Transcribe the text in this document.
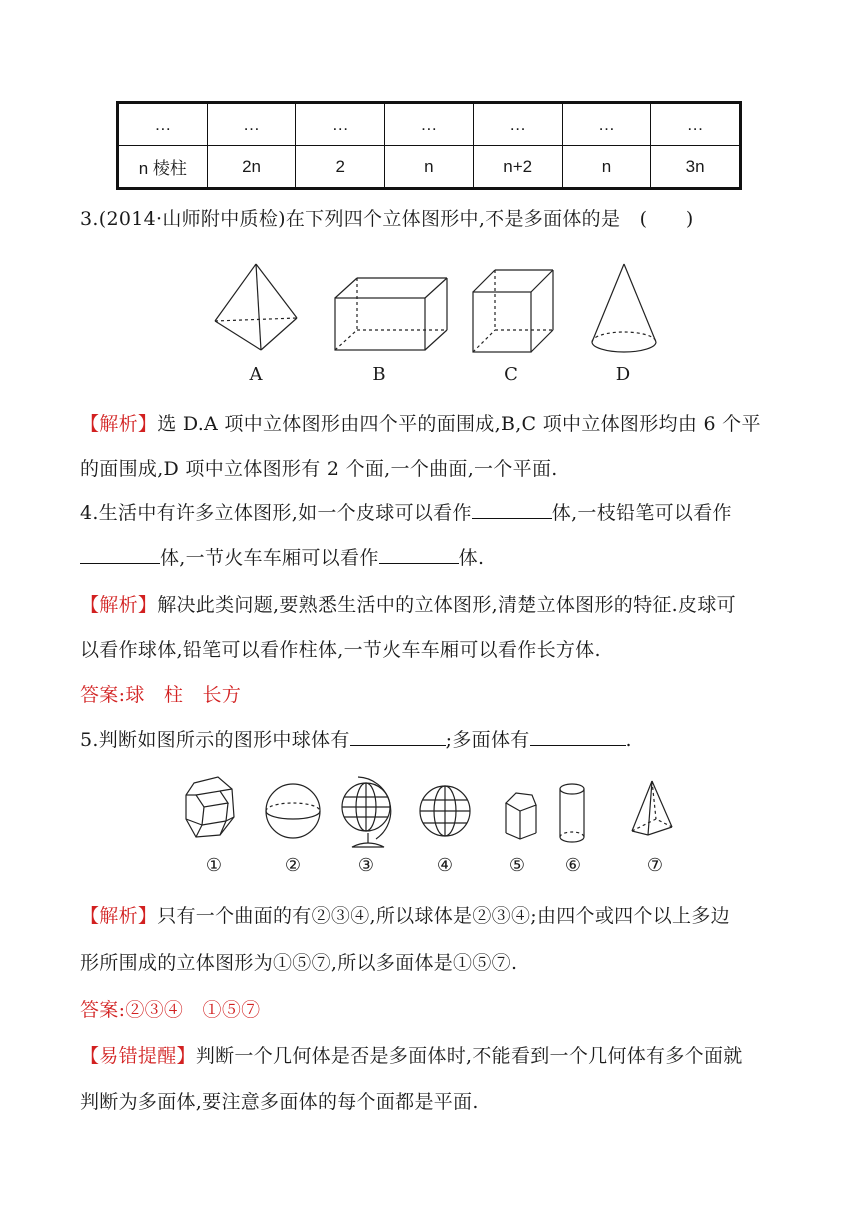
…	…	…	…	…	…	…
n 棱柱	2n	2	n	n+2	n	3n
3.(2014·山师附中质检)在下列四个立体图形中,不是多面体的是　(　　)
A	B	C	D
【解析】选 D.A 项中立体图形由四个平的面围成,B,C 项中立体图形均由 6 个平
的面围成,D 项中立体图形有 2 个面,一个曲面,一个平面.
4.生活中有许多立体图形,如一个皮球可以看作	体,一枝铅笔可以看作
体,一节火车车厢可以看作	体.
【解析】解决此类问题,要熟悉生活中的立体图形,清楚立体图形的特征.皮球可
以看作球体,铅笔可以看作柱体,一节火车车厢可以看作长方体.
答案:球　柱　长方
5.判断如图所示的图形中球体有	;多面体有	.
①	②	③	④	⑤	⑥	⑦
【解析】只有一个曲面的有②③④,所以球体是②③④;由四个或四个以上多边
形所围成的立体图形为①⑤⑦,所以多面体是①⑤⑦.
答案:②③④　①⑤⑦
【易错提醒】判断一个几何体是否是多面体时,不能看到一个几何体有多个面就
判断为多面体,要注意多面体的每个面都是平面.
